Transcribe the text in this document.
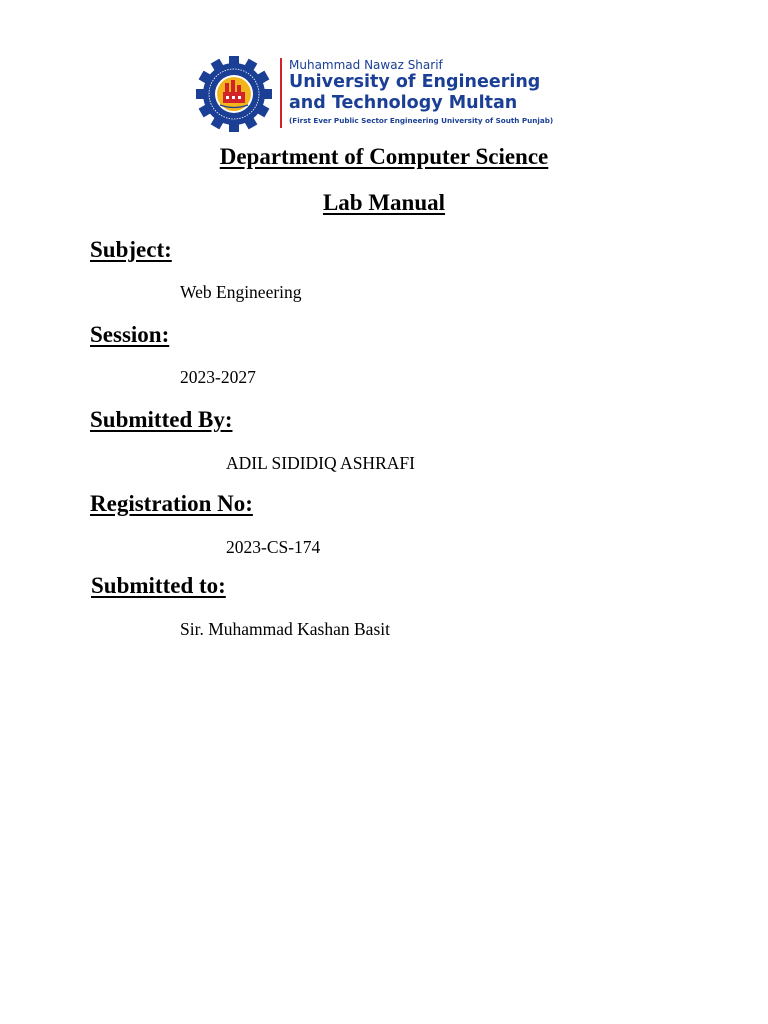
Muhammad Nawaz Sharif
University of Engineering
and Technology Multan
(First Ever Public Sector Engineering University of South Punjab)
Department of Computer Science
Lab Manual
Subject:
Web Engineering
Session:
2023-2027
Submitted By:
ADIL SIDIDIQ ASHRAFI
Registration No:
2023-CS-174
Submitted to:
Sir. Muhammad Kashan Basit
